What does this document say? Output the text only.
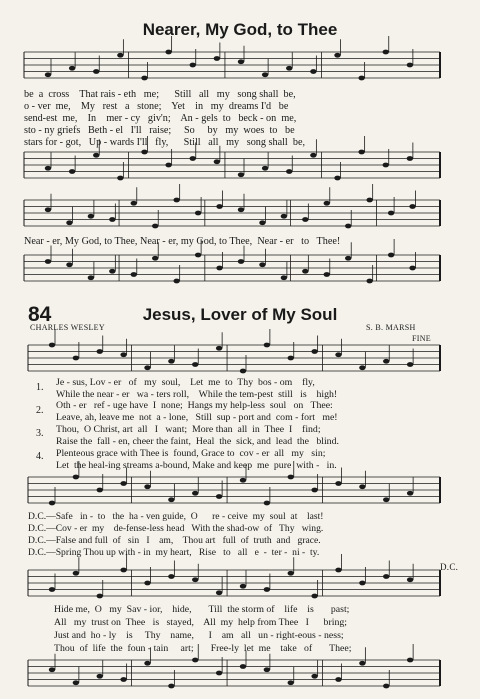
Nearer, My God, to Thee
be  a  cross    That rais - eth   me;      Still   all   my   song shall  be,
o - ver  me,    My   rest   a   stone;    Yet    in   my  dreams I'd   be
send-est  me,    In    mer - cy   giv'n;    An - gels  to   beck - on  me,
sto - ny griefs   Beth - el   I'll   raise;     So     by   my  woes  to   be
stars for - got,   Up - wards I'll   fly,      Still   all   my   song shall  be,
Near - er, My God, to Thee, Near - er, my God, to Thee,  Near - er   to   Thee!
84	Jesus, Lover of My Soul
CHARLES WESLEY	S. B. MARSH
FINE
1.
2.
3.
4.
Je - sus, Lov - er   of   my  soul,    Let  me  to  Thy  bos - om    fly,
While the near - er   wa - ters roll,    While the tem-pest  still   is    high!
Oth - er   ref - uge have  I  none;  Hangs my help-less  soul   on   Thee:
Leave, ah, leave me  not  a - lone,   Still  sup - port and  com - fort   me!
Thou,  O Christ, art  all   I   want;  More than  all  in  Thee  I    find;
Raise the  fall - en, cheer the faint,  Heal  the  sick, and  lead  the   blind.
Plenteous grace with Thee is  found, Grace to  cov - er  all   my   sin;
Let  the heal-ing streams a-bound, Make and keep  me  pure  with -   in.
D.C.—Safe   in -  to   the  ha - ven guide,  O      re - ceive  my  soul  at    last!
D.C.—Cov - er  my    de-fense-less head   With the shad-ow  of   Thy   wing.
D.C.—False and full  of   sin   I    am,    Thou art   full  of  truth  and   grace.
D.C.—Spring Thou up with - in  my heart,   Rise   to   all   e  -  ter -  ni -  ty.
D.C.
Hide me,  O   my  Sav - ior,    hide,       Till  the storm of    life    is       past;
All   my  trust on  Thee   is   stayed,    All  my  help from Thee   I      bring;
Just and  ho - ly    is     Thy    name,      I    am   all   un - right-eous - ness;
Thou  of  life  the  foun - tain     art;       Free-ly  let  me    take   of       Thee;
